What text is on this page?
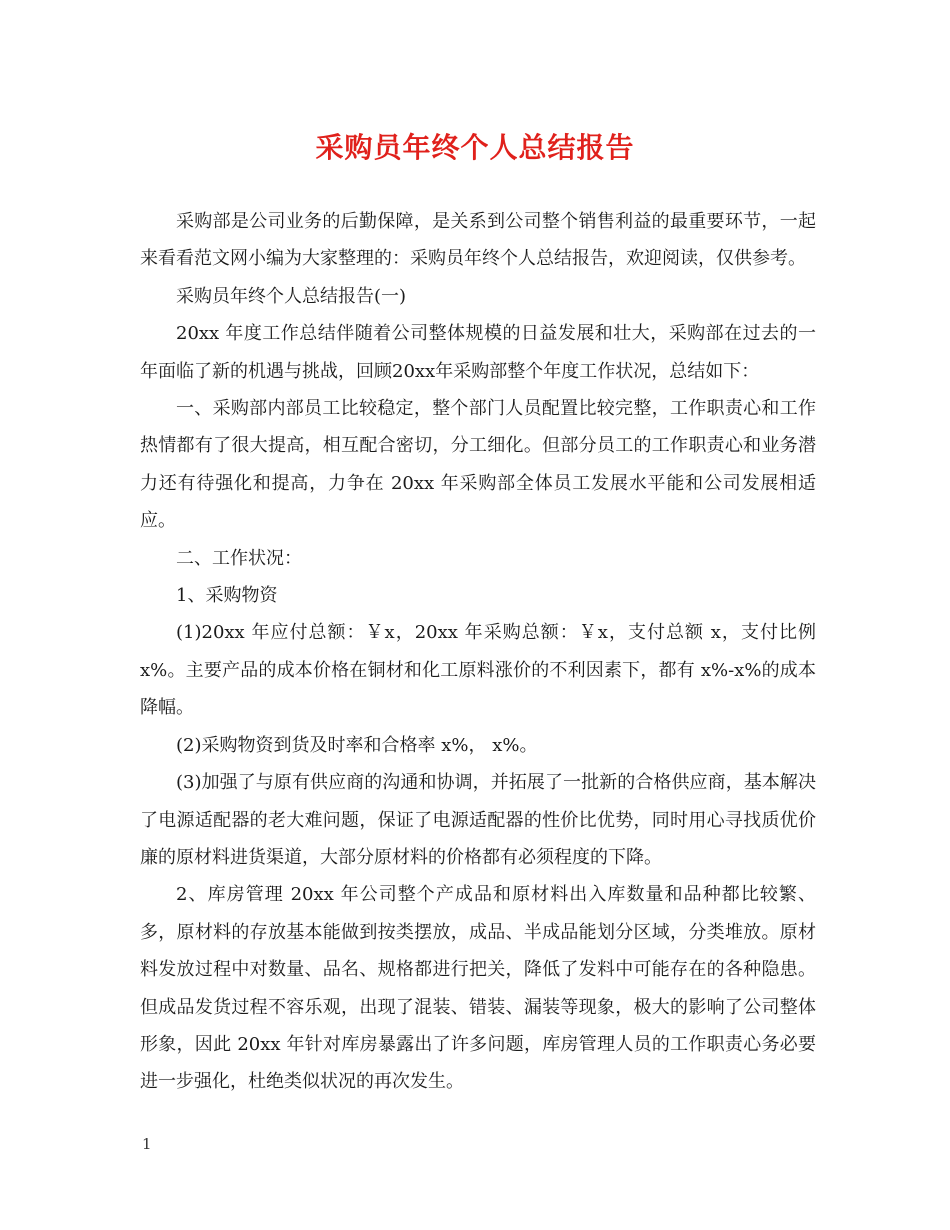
采购员年终个人总结报告

采购部是公司业务的后勤保障，是关系到公司整个销售利益的最重要环节，一起来看看范文网小编为大家整理的：采购员年终个人总结报告，欢迎阅读，仅供参考。

采购员年终个人总结报告(一)

20xx 年度工作总结伴随着公司整体规模的日益发展和壮大，采购部在过去的一年面临了新的机遇与挑战，回顾20xx年采购部整个年度工作状况，总结如下：

一、采购部内部员工比较稳定，整个部门人员配置比较完整，工作职责心和工作热情都有了很大提高，相互配合密切，分工细化。但部分员工的工作职责心和业务潜力还有待强化和提高，力争在 20xx 年采购部全体员工发展水平能和公司发展相适应。

二、工作状况：

1、采购物资

(1)20xx 年应付总额：￥x，20xx 年采购总额：￥x，支付总额 x，支付比例 x%。主要产品的成本价格在铜材和化工原料涨价的不利因素下，都有 x%-x%的成本降幅。

(2)采购物资到货及时率和合格率 x%， x%。

(3)加强了与原有供应商的沟通和协调，并拓展了一批新的合格供应商，基本解决了电源适配器的老大难问题，保证了电源适配器的性价比优势，同时用心寻找质优价廉的原材料进货渠道，大部分原材料的价格都有必须程度的下降。

2、库房管理 20xx 年公司整个产成品和原材料出入库数量和品种都比较繁、多，原材料的存放基本能做到按类摆放，成品、半成品能划分区域，分类堆放。原材料发放过程中对数量、品名、规格都进行把关，降低了发料中可能存在的各种隐患。但成品发货过程不容乐观，出现了混装、错装、漏装等现象，极大的影响了公司整体形象，因此 20xx 年针对库房暴露出了许多问题，库房管理人员的工作职责心务必要进一步强化，杜绝类似状况的再次发生。

1
